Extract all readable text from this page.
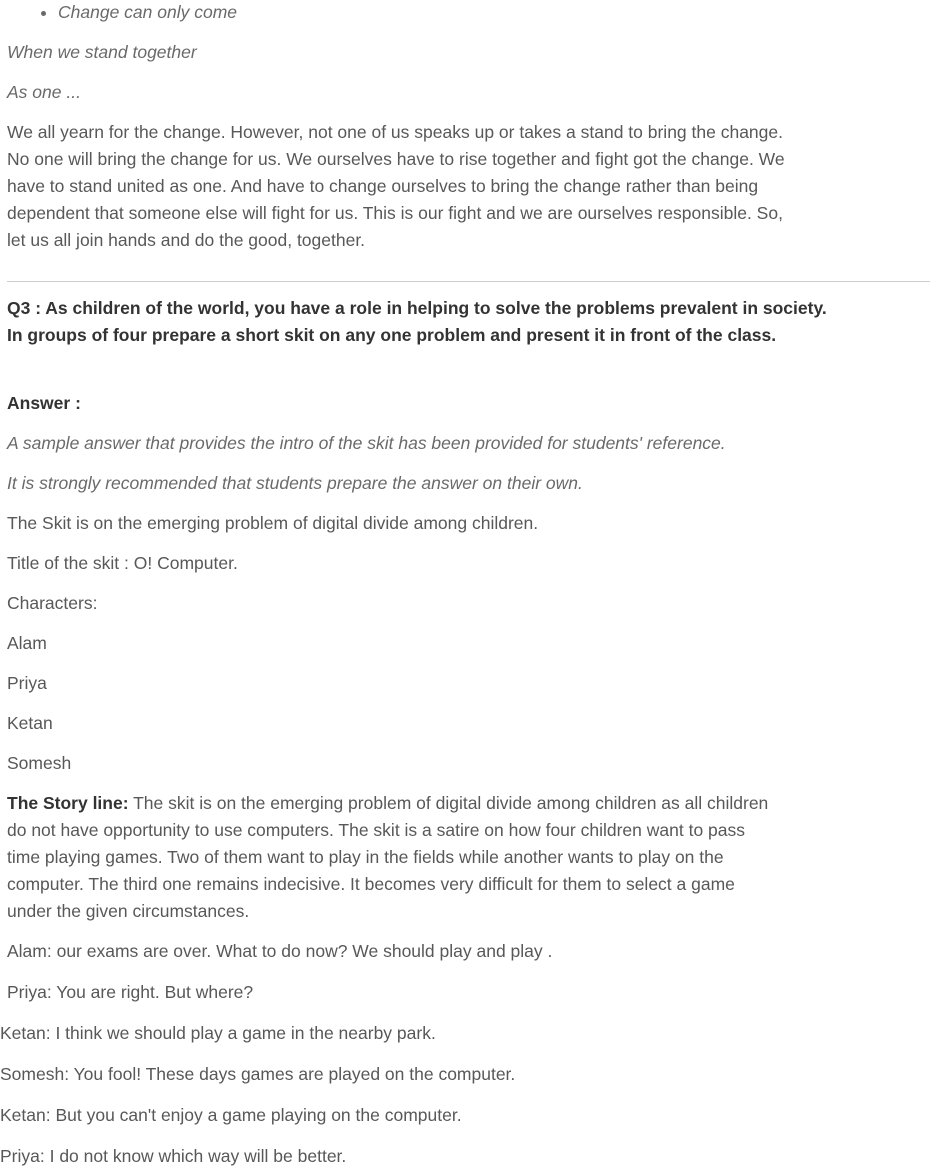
• Change can only come

When we stand together

As one ...

We all yearn for the change. However, not one of us speaks up or takes a stand to bring the change.
No one will bring the change for us. We ourselves have to rise together and fight got the change. We
have to stand united as one. And have to change ourselves to bring the change rather than being
dependent that someone else will fight for us. This is our fight and we are ourselves responsible. So,
let us all join hands and do the good, together.

Q3 : As children of the world, you have a role in helping to solve the problems prevalent in society.
In groups of four prepare a short skit on any one problem and present it in front of the class.

Answer :

A sample answer that provides the intro of the skit has been provided for students' reference.

It is strongly recommended that students prepare the answer on their own.

The Skit is on the emerging problem of digital divide among children.

Title of the skit : O! Computer.

Characters:

Alam

Priya

Ketan

Somesh

The Story line: The skit is on the emerging problem of digital divide among children as all children
do not have opportunity to use computers. The skit is a satire on how four children want to pass
time playing games. Two of them want to play in the fields while another wants to play on the
computer. The third one remains indecisive. It becomes very difficult for them to select a game
under the given circumstances.

Alam: our exams are over. What to do now? We should play and play .

Priya: You are right. But where?

Ketan: I think we should play a game in the nearby park.

Somesh: You fool! These days games are played on the computer.

Ketan: But you can't enjoy a game playing on the computer.

Priya: I do not know which way will be better.
